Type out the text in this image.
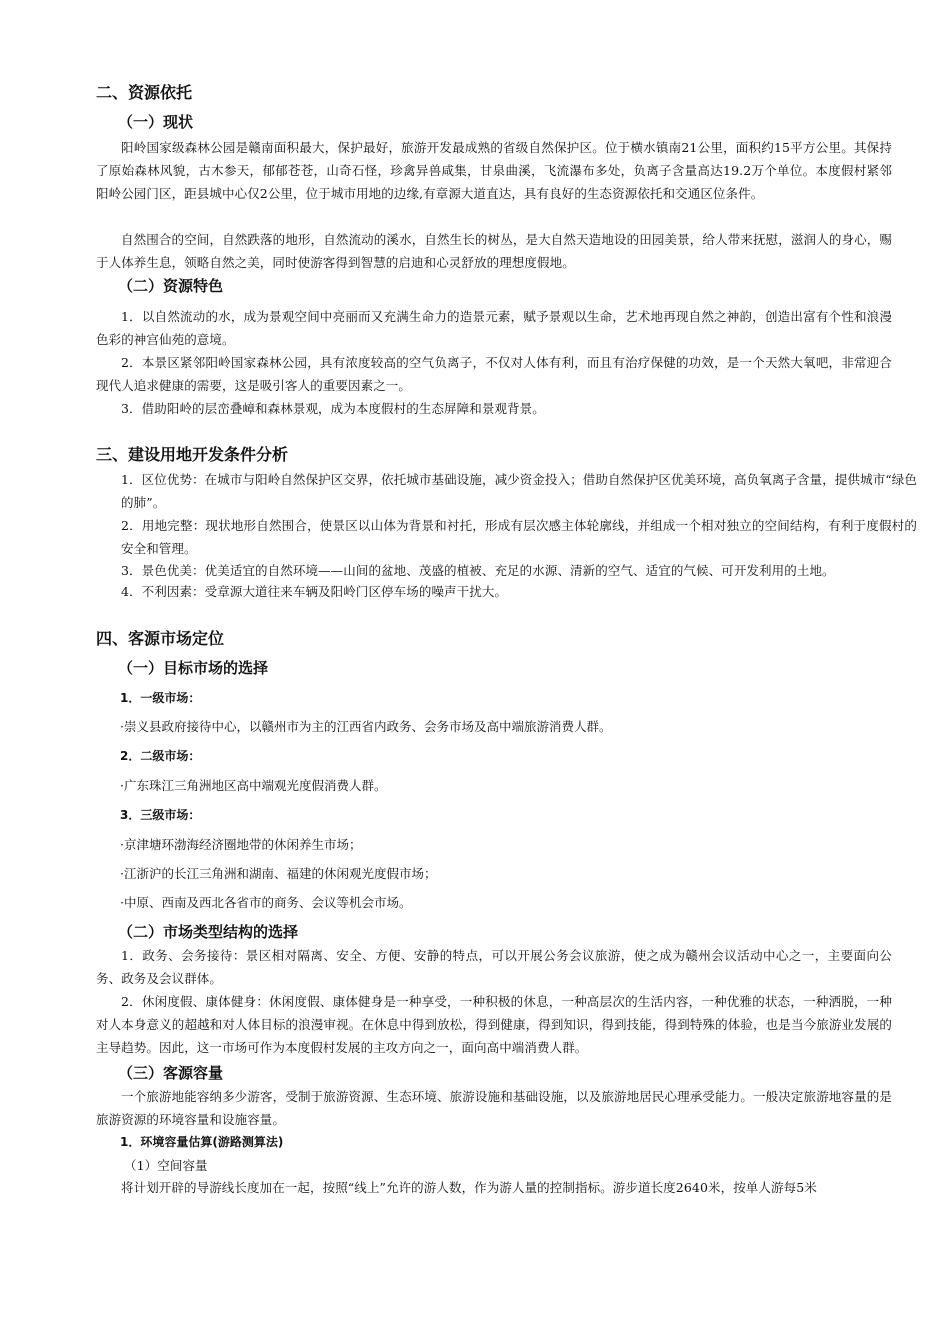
二、资源依托
（一）现状
阳岭国家级森林公园是赣南面积最大，保护最好，旅游开发最成熟的省级自然保护区。位于横水镇南21公里，面积约15平方公里。其保持了原始森林风貌，古木参天，郁郁苍苍，山奇石怪，珍禽异兽咸集，甘泉曲溪，飞流瀑布多处，负离子含量高达19.2万个单位。本度假村紧邻阳岭公园门区，距县城中心仅2公里，位于城市用地的边缘,有章源大道直达，具有良好的生态资源依托和交通区位条件。
自然围合的空间，自然跌落的地形，自然流动的溪水，自然生长的树丛，是大自然天造地设的田园美景，给人带来抚慰，滋润人的身心，赐于人体养生息，领略自然之美，同时使游客得到智慧的启迪和心灵舒放的理想度假地。
（二）资源特色
1．以自然流动的水，成为景观空间中亮丽而又充满生命力的造景元素，赋予景观以生命，艺术地再现自然之神韵，创造出富有个性和浪漫色彩的神宫仙苑的意境。
2．本景区紧邻阳岭国家森林公园，具有浓度较高的空气负离子，不仅对人体有利，而且有治疗保健的功效，是一个天然大氧吧，非常迎合现代人追求健康的需要，这是吸引客人的重要因素之一。
3．借助阳岭的层峦叠嶂和森林景观，成为本度假村的生态屏障和景观背景。
三、建设用地开发条件分析
1．区位优势：在城市与阳岭自然保护区交界，依托城市基础设施，减少资金投入；借助自然保护区优美环境，高负氧离子含量，提供城市“绿色的肺”。
2．用地完整：现状地形自然围合，使景区以山体为背景和衬托，形成有层次感主体轮廓线，并组成一个相对独立的空间结构，有利于度假村的安全和管理。
3．景色优美：优美适宜的自然环境——山间的盆地、茂盛的植被、充足的水源、清新的空气、适宜的气候、可开发利用的土地。
4．不利因素：受章源大道往来车辆及阳岭门区停车场的噪声干扰大。
四、客源市场定位
（一）目标市场的选择
1．一级市场：
·崇义县政府接待中心，以赣州市为主的江西省内政务、会务市场及高中端旅游消费人群。
2．二级市场：
·广东珠江三角洲地区高中端观光度假消费人群。
3．三级市场：
·京津塘环渤海经济圈地带的休闲养生市场；
·江浙沪的长江三角洲和湖南、福建的休闲观光度假市场；
·中原、西南及西北各省市的商务、会议等机会市场。
（二）市场类型结构的选择
1．政务、会务接待：景区相对隔离、安全、方便、安静的特点，可以开展公务会议旅游，使之成为赣州会议活动中心之一，主要面向公务、政务及会议群体。
2．休闲度假、康体健身：休闲度假、康体健身是一种享受，一种积极的休息，一种高层次的生活内容，一种优雅的状态，一种洒脱，一种对人本身意义的超越和对人体目标的浪漫审视。在休息中得到放松，得到健康，得到知识，得到技能，得到特殊的体验，也是当今旅游业发展的主导趋势。因此，这一市场可作为本度假村发展的主攻方向之一，面向高中端消费人群。
（三）客源容量
一个旅游地能容纳多少游客，受制于旅游资源、生态环境、旅游设施和基础设施，以及旅游地居民心理承受能力。一般决定旅游地容量的是旅游资源的环境容量和设施容量。
1．环境容量估算(游路测算法)
（1）空间容量
将计划开辟的导游线长度加在一起，按照“线上”允许的游人数，作为游人量的控制指标。游步道长度2640米，按单人游每5米
